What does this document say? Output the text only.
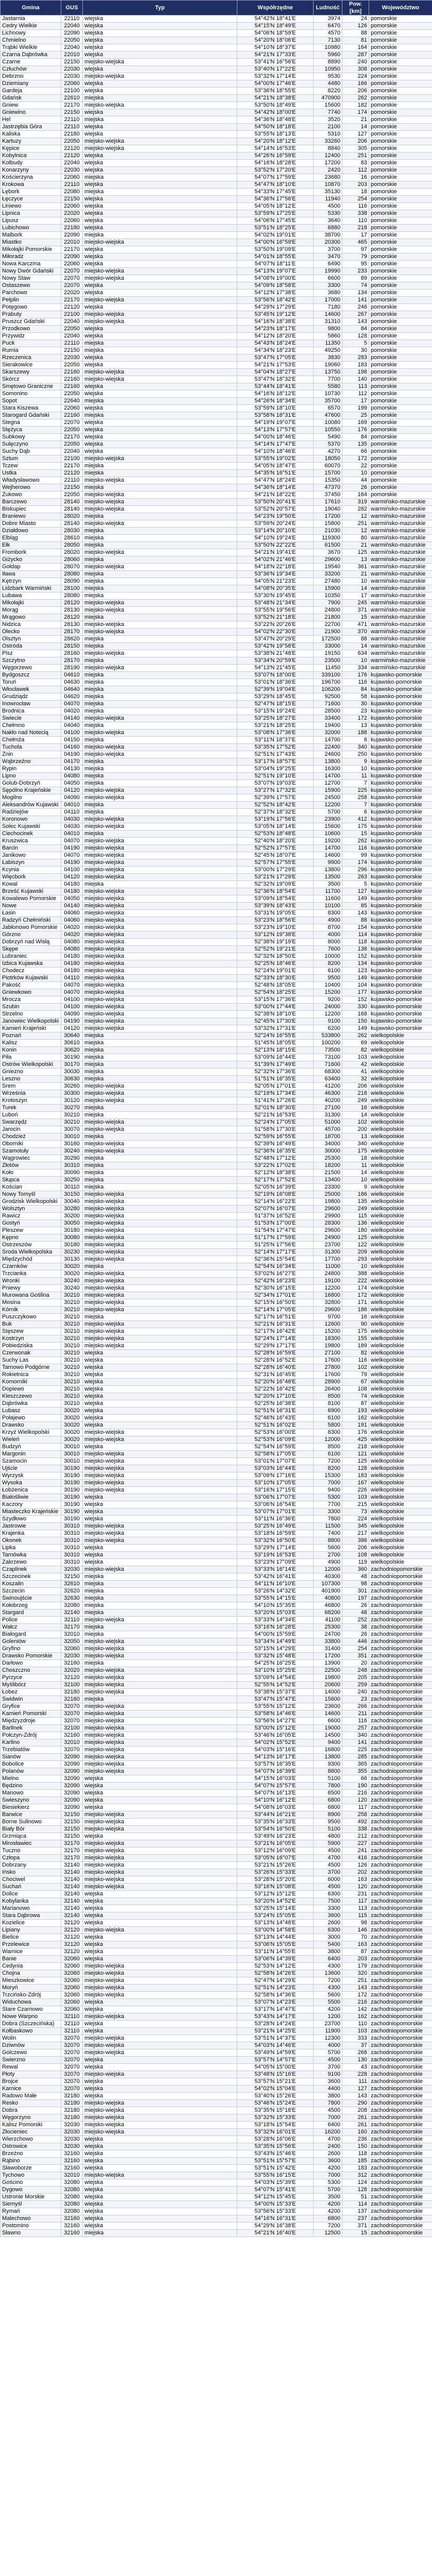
Gmina	GUS	Typ	Współrzędne	Ludność	Pow. [km]	Województwo
Jastarnia	22110	wiejska	54°42′N 18°41′E	3974	24	pomorskie
Cedry Wielkie	22040	wiejska	54°15′N 18°49′E	6470	126	pomorskie
Lichnowy	22090	wiejska	54°06′N 18°59′E	4570	88	pomorskie
Chmielno	22050	wiejska	54°20′N 18°06′E	7130	81	pomorskie
Trąbki Wielkie	22040	wiejska	54°10′N 18°37′E	10980	164	pomorskie
Czarna Dąbrówka	22010	wiejska	54°21′N 17°33′E	5960	287	pomorskie
Czarne	22150	miejsko-wiejska	53°41′N 16°56′E	8890	240	pomorskie
Człuchów	22030	wiejska	53°40′N 17°22′E	10950	308	pomorskie
Debrzno	22030	miejsko-wiejska	53°32′N 17°14′E	9530	224	pomorskie
Dziemiany	22060	wiejska	54°00′N 17°46′E	4480	166	pomorskie
Gardeja	22100	wiejska	53°36′N 18°55′E	8220	206	pomorskie
Gdańsk	22610	miejska	54°21′N 18°38′E	470900	262	pomorskie
Gniew	22170	miejsko-wiejska	53°50′N 18°49′E	15600	182	pomorskie
Gniewino	22150	wiejska	54°42′N 18°00′E	7740	174	pomorskie
Hel	22110	miejska	54°36′N 18°48′E	3520	21	pomorskie
Jastrzębia Góra	22110	wiejska	54°50′N 18°18′E	2100	14	pomorskie
Kaliska	22180	wiejska	53°55′N 18°13′E	5310	127	pomorskie
Kartuzy	22050	miejsko-wiejska	54°20′N 18°12′E	33260	206	pomorskie
Kępice	22120	miejsko-wiejska	54°14′N 16°53′E	8840	305	pomorskie
Kobylnica	22120	wiejska	54°26′N 16°59′E	12400	251	pomorskie
Kolbudy	22040	wiejska	54°16′N 18°28′E	17200	83	pomorskie
Konarzyny	22030	wiejska	53°52′N 17°20′E	2420	112	pomorskie
Kościerzyna	22060	miejska	54°07′N 17°59′E	23680	16	pomorskie
Krokowa	22110	wiejska	54°47′N 18°10′E	10870	203	pomorskie
Lębork	22080	miejska	54°33′N 17°45′E	35130	18	pomorskie
Łęczyce	22150	wiejska	54°36′N 17°56′E	11940	254	pomorskie
Liniewo	22060	wiejska	54°05′N 18°12′E	4500	116	pomorskie
Lipnica	22020	wiejska	53°59′N 17°25′E	5330	338	pomorskie
Lipusz	22060	wiejska	54°06′N 17°45′E	3640	110	pomorskie
Lubichowo	22180	wiejska	53°51′N 18°25′E	6880	218	pomorskie
Malbork	22090	miejska	54°02′N 19°01′E	38700	17	pomorskie
Miastko	22010	miejsko-wiejska	54°00′N 16°59′E	20300	465	pomorskie
Mikołajki Pomorskie	22170	wiejska	53°50′N 19°09′E	3700	97	pomorskie
Miłoradz	22090	wiejska	54°01′N 18°55′E	3470	79	pomorskie
Nowa Karczma	22060	wiejska	54°07′N 18°11′E	6490	95	pomorskie
Nowy Dwór Gdański	22070	miejsko-wiejska	54°13′N 19°07′E	19990	233	pomorskie
Nowy Staw	22070	miejsko-wiejska	54°08′N 19°00′E	6600	89	pomorskie
Ostaszewo	22070	wiejska	54°09′N 18°58′E	3300	74	pomorskie
Parchowo	22020	wiejska	54°12′N 17°38′E	3680	134	pomorskie
Pelplin	22170	miejsko-wiejska	53°56′N 18°42′E	17000	141	pomorskie
Potęgowo	22120	wiejska	54°29′N 17°29′E	7180	246	pomorskie
Prabuty	22100	miejsko-wiejska	53°45′N 19°12′E	14600	267	pomorskie
Pruszcz Gdański	22040	miejsko-wiejska	54°16′N 18°38′E	31310	143	pomorskie
Przodkowo	22050	wiejska	54°23′N 18°17′E	9800	84	pomorskie
Przywidz	22040	wiejska	54°12′N 18°20′E	5860	128	pomorskie
Puck	22110	miejska	54°43′N 18°24′E	11350	5	pomorskie
Rumia	22150	miejska	54°34′N 18°23′E	49250	30	pomorskie
Rzeczenica	22030	wiejska	53°47′N 17°05′E	3830	283	pomorskie
Sierakowice	22050	wiejska	54°21′N 17°53′E	19060	183	pomorskie
Skarszewy	22160	miejsko-wiejska	54°04′N 18°27′E	13750	198	pomorskie
Skórcz	22160	miejsko-wiejska	53°47′N 18°32′E	7700	140	pomorskie
Smętowo Graniczne	22160	wiejska	53°44′N 18°41′E	5580	113	pomorskie
Somonino	22050	wiejska	54°16′N 18°12′E	10730	112	pomorskie
Sopot	22640	miejska	54°26′N 18°34′E	35700	17	pomorskie
Stara Kiszewa	22060	wiejska	53°59′N 18°10′E	6570	199	pomorskie
Starogard Gdański	22160	miejska	53°58′N 18°31′E	47600	25	pomorskie
Stegna	22070	wiejska	54°19′N 19°07′E	10080	169	pomorskie
Stężyca	22050	wiejska	54°13′N 17°57′E	10550	176	pomorskie
Subkowy	22170	wiejska	54°00′N 18°46′E	5490	84	pomorskie
Sulęczyno	22050	wiejska	54°14′N 17°47′E	5370	135	pomorskie
Suchy Dąb	22040	wiejska	54°10′N 18°46′E	4270	66	pomorskie
Sztum	22100	miejsko-wiejska	53°55′N 19°02′E	18050	172	pomorskie
Tczew	22170	miejska	54°05′N 18°47′E	60070	22	pomorskie
Ustka	22120	miejska	54°35′N 16°51′E	15700	10	pomorskie
Władysławowo	22110	miejsko-wiejska	54°47′N 18°24′E	15350	44	pomorskie
Wejherowo	22150	miejska	54°36′N 18°14′E	47370	26	pomorskie
Żukowo	22050	miejsko-wiejska	54°21′N 18°22′E	37450	164	pomorskie
Barczewo	28140	miejsko-wiejska	53°50′N 20°41′E	17610	319	warmińsko-mazurskie
Biskupiec	28140	miejsko-wiejska	53°52′N 20°57′E	19040	282	warmińsko-mazurskie
Braniewo	28020	miejska	54°23′N 19°50′E	17200	12	warmińsko-mazurskie
Dobre Miasto	28140	miejsko-wiejska	53°59′N 20°24′E	15800	251	warmińsko-mazurskie
Działdowo	28030	miejska	53°14′N 20°10′E	21030	12	warmińsko-mazurskie
Elbląg	28610	miejska	54°10′N 19°24′E	119300	80	warmińsko-mazurskie
Ełk	28050	miejska	53°50′N 22°22′E	61500	21	warmińsko-mazurskie
Frombork	28020	miejsko-wiejska	54°21′N 19°41′E	3670	125	warmińsko-mazurskie
Giżycko	28060	miejska	54°02′N 21°46′E	29600	13	warmińsko-mazurskie
Gołdap	28070	miejsko-wiejska	54°18′N 22°18′E	19540	361	warmińsko-mazurskie
Iława	28080	miejska	53°36′N 19°34′E	33200	21	warmińsko-mazurskie
Kętrzyn	28090	miejska	54°05′N 21°23′E	27480	10	warmińsko-mazurskie
Lidzbark Warmiński	28100	miejska	54°08′N 20°35′E	15900	14	warmińsko-mazurskie
Lubawa	28080	miejska	53°30′N 19°45′E	10350	17	warmińsko-mazurskie
Mikołajki	28120	miejsko-wiejska	53°48′N 21°34′E	7900	245	warmińsko-mazurskie
Morąg	28130	miejsko-wiejska	53°55′N 19°56′E	24800	371	warmińsko-mazurskie
Mrągowo	28120	miejska	53°52′N 21°18′E	21800	15	warmińsko-mazurskie
Nidzica	28130	miejsko-wiejska	53°22′N 20°26′E	22700	471	warmińsko-mazurskie
Olecko	28170	miejsko-wiejska	54°02′N 22°30′E	21900	370	warmińsko-mazurskie
Olsztyn	28620	miejska	53°47′N 20°29′E	172500	88	warmińsko-mazurskie
Ostróda	28150	miejska	53°42′N 19°58′E	33000	14	warmińsko-mazurskie
Pisz	28160	miejsko-wiejska	53°38′N 21°48′E	19150	634	warmińsko-mazurskie
Szczytno	28170	miejska	53°34′N 20°59′E	23500	10	warmińsko-mazurskie
Węgorzewo	28190	miejsko-wiejska	54°13′N 21°45′E	11450	334	warmińsko-mazurskie
Bydgoszcz	04610	miejska	53°07′N 18°00′E	339100	176	kujawsko-pomorskie
Toruń	04630	miejska	53°01′N 18°36′E	196700	116	kujawsko-pomorskie
Włocławek	04640	miejska	52°39′N 19°04′E	106200	84	kujawsko-pomorskie
Grudziądz	04620	miejska	53°29′N 18°45′E	92500	58	kujawsko-pomorskie
Inowrocław	04070	miejska	52°47′N 18°15′E	71600	30	kujawsko-pomorskie
Brodnica	04020	miejska	53°15′N 19°24′E	28500	23	kujawsko-pomorskie
Świecie	04140	miejsko-wiejska	53°25′N 18°27′E	33400	172	kujawsko-pomorskie
Chełmno	04040	miejska	53°21′N 18°25′E	19400	13	kujawsko-pomorskie
Nakło nad Notecią	04100	miejsko-wiejska	53°08′N 17°36′E	32000	188	kujawsko-pomorskie
Chełmża	04150	miejska	53°11′N 18°37′E	14700	8	kujawsko-pomorskie
Tuchola	04160	miejsko-wiejska	53°35′N 17°52′E	22400	340	kujawsko-pomorskie
Żnin	04190	miejsko-wiejska	52°51′N 17°43′E	24600	250	kujawsko-pomorskie
Wąbrzeźno	04170	miejska	53°17′N 18°57′E	13800	9	kujawsko-pomorskie
Rypin	04130	miejska	53°04′N 19°25′E	16300	10	kujawsko-pomorskie
Lipno	04080	miejska	52°51′N 19°10′E	14700	11	kujawsko-pomorskie
Golub-Dobrzyń	04050	miejska	53°07′N 19°03′E	12700	7	kujawsko-pomorskie
Sępólno Krajeńskie	04120	miejsko-wiejska	53°27′N 17°32′E	15900	225	kujawsko-pomorskie
Mogilno	04090	miejsko-wiejska	52°39′N 17°57′E	24500	258	kujawsko-pomorskie
Aleksandrów Kujawski	04010	miejska	52°52′N 18°42′E	12200	7	kujawsko-pomorskie
Radziejów	04110	miejska	52°37′N 18°32′E	5700	6	kujawsko-pomorskie
Koronowo	04030	miejsko-wiejska	53°19′N 17°56′E	23900	412	kujawsko-pomorskie
Solec Kujawski	04030	miejsko-wiejska	53°05′N 18°14′E	15600	175	kujawsko-pomorskie
Ciechocinek	04010	miejska	52°53′N 18°48′E	10600	15	kujawsko-pomorskie
Kruszwica	04070	miejsko-wiejska	52°40′N 18°20′E	19200	262	kujawsko-pomorskie
Barcin	04190	miejsko-wiejska	52°52′N 17°57′E	14700	116	kujawsko-pomorskie
Janikowo	04070	miejsko-wiejska	52°45′N 18°07′E	14600	99	kujawsko-pomorskie
Łabiszyn	04190	miejsko-wiejska	52°57′N 17°55′E	9900	174	kujawsko-pomorskie
Kcynia	04100	miejsko-wiejska	53°00′N 17°29′E	13800	296	kujawsko-pomorskie
Więcbork	04120	miejsko-wiejska	53°21′N 17°29′E	13500	263	kujawsko-pomorskie
Kowal	04180	miejska	52°32′N 19°09′E	3500	5	kujawsko-pomorskie
Brześć Kujawski	04180	miejsko-wiejska	52°36′N 18°54′E	11700	127	kujawsko-pomorskie
Kowalewo Pomorskie	04050	miejsko-wiejska	53°09′N 18°54′E	11600	149	kujawsko-pomorskie
Nowe	04140	miejsko-wiejska	53°39′N 18°43′E	10100	85	kujawsko-pomorskie
Łasin	04060	miejsko-wiejska	53°31′N 19°05′E	8300	143	kujawsko-pomorskie
Radzyń Chełmiński	04060	miejsko-wiejska	53°23′N 18°56′E	4900	88	kujawsko-pomorskie
Jabłonowo Pomorskie	04020	miejsko-wiejska	53°23′N 19°10′E	8700	154	kujawsko-pomorskie
Górzno	04020	miejsko-wiejska	53°12′N 19°38′E	4000	114	kujawsko-pomorskie
Dobrzyń nad Wisłą	04080	miejsko-wiejska	52°38′N 19°19′E	8000	118	kujawsko-pomorskie
Skępe	04080	miejsko-wiejska	52°52′N 19°21′E	7600	138	kujawsko-pomorskie
Lubraniec	04180	miejsko-wiejska	52°32′N 18°50′E	10000	152	kujawsko-pomorskie
Izbica Kujawska	04180	miejsko-wiejska	52°25′N 18°46′E	8200	134	kujawsko-pomorskie
Chodecz	04180	miejsko-wiejska	52°24′N 19°01′E	6100	123	kujawsko-pomorskie
Piotrków Kujawski	04110	miejsko-wiejska	52°33′N 18°30′E	9500	149	kujawsko-pomorskie
Pakość	04070	miejsko-wiejska	52°48′N 18°05′E	10400	104	kujawsko-pomorskie
Gniewkowo	04070	miejsko-wiejska	52°54′N 18°25′E	15200	177	kujawsko-pomorskie
Mrocza	04100	miejsko-wiejska	53°15′N 17°36′E	9200	152	kujawsko-pomorskie
Szubin	04100	miejsko-wiejska	53°00′N 17°44′E	24000	330	kujawsko-pomorskie
Strzelno	04090	miejsko-wiejska	52°38′N 18°10′E	12200	168	kujawsko-pomorskie
Janowiec Wielkopolski	04190	miejsko-wiejska	52°45′N 17°30′E	9100	150	kujawsko-pomorskie
Kamień Krajeński	04120	miejsko-wiejska	53°32′N 17°31′E	6200	149	kujawsko-pomorskie
Poznań	30640	miejska	52°24′N 16°55′E	533800	262	wielkopolskie
Kalisz	30610	miejska	51°45′N 18°05′E	100200	69	wielkopolskie
Konin	30620	miejska	52°13′N 18°15′E	73500	82	wielkopolskie
Piła	30190	miejska	53°09′N 16°44′E	73100	103	wielkopolskie
Ostrów Wielkopolski	30170	miejska	51°39′N 17°49′E	71600	42	wielkopolskie
Gniezno	30030	miejska	52°32′N 17°36′E	68300	41	wielkopolskie
Leszno	30630	miejska	51°51′N 16°35′E	63400	32	wielkopolskie
Śrem	30260	miejsko-wiejska	52°05′N 17°01′E	41200	206	wielkopolskie
Września	30300	miejsko-wiejska	52°19′N 17°34′E	46300	218	wielkopolskie
Krotoszyn	30120	miejsko-wiejska	51°41′N 17°26′E	40200	249	wielkopolskie
Turek	30270	miejska	52°01′N 18°30′E	27100	16	wielkopolskie
Luboń	30210	miejska	52°21′N 16°53′E	31300	14	wielkopolskie
Swarzędz	30210	miejsko-wiejska	52°24′N 17°05′E	51000	102	wielkopolskie
Jarocin	30070	miejsko-wiejska	51°58′N 17°30′E	45700	200	wielkopolskie
Chodzież	30010	miejska	52°59′N 16°55′E	18700	13	wielkopolskie
Oborniki	30160	miejsko-wiejska	52°39′N 16°49′E	34000	340	wielkopolskie
Szamotuły	30240	miejsko-wiejska	52°36′N 16°35′E	30000	175	wielkopolskie
Wągrowiec	30290	miejska	52°48′N 17°12′E	25300	18	wielkopolskie
Złotów	30310	miejska	53°22′N 17°02′E	18200	11	wielkopolskie
Koło	30090	miejska	52°12′N 18°38′E	21500	14	wielkopolskie
Słupca	30250	miejska	52°17′N 17°52′E	13400	10	wielkopolskie
Kościan	30110	miejska	52°05′N 16°39′E	23300	9	wielkopolskie
Nowy Tomyśl	30150	miejsko-wiejska	52°19′N 16°08′E	25000	186	wielkopolskie
Grodzisk Wielkopolski	30040	miejsko-wiejska	52°14′N 16°22′E	19800	135	wielkopolskie
Wolsztyn	30280	miejsko-wiejska	52°07′N 16°07′E	29600	249	wielkopolskie
Rawicz	30200	miejsko-wiejska	51°37′N 16°52′E	29900	115	wielkopolskie
Gostyń	30050	miejsko-wiejska	51°53′N 17°00′E	28300	136	wielkopolskie
Pleszew	30180	miejsko-wiejska	51°54′N 17°47′E	29600	180	wielkopolskie
Kępno	30080	miejsko-wiejska	51°17′N 17°59′E	24900	125	wielkopolskie
Ostrzeszów	30180	miejsko-wiejska	51°25′N 17°56′E	23700	122	wielkopolskie
Środa Wielkopolska	30230	miejsko-wiejska	52°14′N 17°17′E	31300	209	wielkopolskie
Międzychód	30130	miejsko-wiejska	52°36′N 15°54′E	17700	293	wielkopolskie
Czarnków	30020	miejska	52°54′N 16°34′E	11000	10	wielkopolskie
Trzcianka	30020	miejsko-wiejska	53°02′N 16°27′E	24800	388	wielkopolskie
Wronki	30240	miejsko-wiejska	52°42′N 16°23′E	19100	222	wielkopolskie
Pniewy	30240	miejsko-wiejska	52°30′N 16°15′E	12200	174	wielkopolskie
Murowana Goślina	30210	miejsko-wiejska	52°34′N 17°01′E	16800	172	wielkopolskie
Mosina	30210	miejsko-wiejska	52°15′N 16°50′E	32800	171	wielkopolskie
Kórnik	30210	miejsko-wiejska	52°14′N 17°05′E	29600	186	wielkopolskie
Puszczykowo	30210	miejska	52°17′N 16°51′E	9700	16	wielkopolskie
Buk	30210	miejsko-wiejska	52°21′N 16°31′E	12600	90	wielkopolskie
Stęszew	30210	miejsko-wiejska	52°17′N 16°42′E	15200	175	wielkopolskie
Kostrzyn	30210	miejsko-wiejska	52°24′N 17°14′E	18300	155	wielkopolskie
Pobiedziska	30210	miejsko-wiejska	52°29′N 17°17′E	19800	189	wielkopolskie
Czerwonak	30210	wiejska	52°28′N 16°59′E	27100	82	wielkopolskie
Suchy Las	30210	wiejska	52°28′N 16°52′E	17600	116	wielkopolskie
Tarnowo Podgórne	30210	wiejska	52°28′N 16°40′E	27800	102	wielkopolskie
Rokietnica	30210	wiejska	52°31′N 16°45′E	17600	79	wielkopolskie
Komorniki	30210	wiejska	52°20′N 16°48′E	28900	67	wielkopolskie
Dopiewo	30210	wiejska	52°22′N 16°42′E	26400	108	wielkopolskie
Kleszczewo	30210	wiejska	52°20′N 17°10′E	8500	74	wielkopolskie
Dąbrówka	30210	wiejska	52°25′N 16°38′E	8100	87	wielkopolskie
Lubasz	30020	wiejska	52°51′N 16°31′E	6900	193	wielkopolskie
Połajewo	30020	wiejska	52°46′N 16°43′E	6100	162	wielkopolskie
Drawsko	30020	wiejska	52°51′N 16°02′E	5800	191	wielkopolskie
Krzyż Wielkopolski	30020	miejsko-wiejska	52°53′N 16°00′E	8300	176	wielkopolskie
Wieleń	30020	miejsko-wiejska	52°53′N 16°09′E	12000	425	wielkopolskie
Budzyń	30010	wiejska	52°54′N 16°59′E	8500	218	wielkopolskie
Margonin	30010	miejsko-wiejska	52°58′N 17°05′E	6100	121	wielkopolskie
Szamocin	30010	miejsko-wiejska	53°01′N 17°07′E	7200	125	wielkopolskie
Ujście	30190	miejsko-wiejska	53°03′N 16°44′E	8200	128	wielkopolskie
Wyrzysk	30190	miejsko-wiejska	53°09′N 17°16′E	15300	183	wielkopolskie
Wysoka	30190	miejsko-wiejska	53°10′N 17°05′E	7000	167	wielkopolskie
Łobżenica	30190	miejsko-wiejska	53°16′N 17°15′E	9400	226	wielkopolskie
Białośliwie	30190	wiejska	53°06′N 17°07′E	5300	103	wielkopolskie
Kaczory	30190	wiejska	53°06′N 16°54′E	7700	215	wielkopolskie
Miasteczko Krajeńskie	30190	wiejska	53°07′N 17°01′E	3300	73	wielkopolskie
Szydłowo	30190	wiejska	53°11′N 16°36′E	7800	224	wielkopolskie
Jastrowie	30310	miejsko-wiejska	53°25′N 16°49′E	11500	345	wielkopolskie
Krajenka	30310	miejsko-wiejska	53°18′N 16°59′E	7400	217	wielkopolskie
Okonek	30310	miejsko-wiejska	53°32′N 16°50′E	8800	386	wielkopolskie
Lipka	30310	wiejska	53°29′N 17°14′E	5600	206	wielkopolskie
Tarnówka	30310	wiejska	53°19′N 16°53′E	2700	108	wielkopolskie
Zakrzewo	30310	wiejska	53°23′N 17°09′E	4900	119	wielkopolskie
Czaplinek	32030	miejsko-wiejska	53°33′N 16°14′E	12000	360	zachodniopomorskie
Szczecinek	32150	miejska	53°42′N 16°41′E	40300	48	zachodniopomorskie
Koszalin	32610	miejska	54°11′N 16°10′E	107300	98	zachodniopomorskie
Szczecin	32620	miejska	53°26′N 14°32′E	401900	301	zachodniopomorskie
Świnoujście	32630	miejska	53°55′N 14°15′E	40800	197	zachodniopomorskie
Kołobrzeg	32080	miejska	54°10′N 15°35′E	46800	26	zachodniopomorskie
Stargard	32140	miejska	53°20′N 15°03′E	68200	48	zachodniopomorskie
Police	32110	miejsko-wiejska	53°33′N 14°34′E	41100	252	zachodniopomorskie
Wałcz	32170	miejska	53°16′N 16°28′E	25300	38	zachodniopomorskie
Białogard	32010	miejska	54°00′N 15°59′E	24700	26	zachodniopomorskie
Goleniów	32050	miejsko-wiejska	53°34′N 14°49′E	33800	446	zachodniopomorskie
Gryfino	32060	miejsko-wiejska	53°15′N 14°29′E	31400	254	zachodniopomorskie
Drawsko Pomorskie	32030	miejsko-wiejska	53°32′N 15°48′E	17200	351	zachodniopomorskie
Darłowo	32160	miejska	54°25′N 16°25′E	13900	20	zachodniopomorskie
Choszczno	32020	miejsko-wiejska	53°10′N 15°25′E	22500	248	zachodniopomorskie
Pyrzyce	32120	miejsko-wiejska	53°09′N 14°54′E	19800	205	zachodniopomorskie
Myślibórz	32100	miejsko-wiejska	52°55′N 14°52′E	20600	259	zachodniopomorskie
Łobez	32180	miejsko-wiejska	53°38′N 15°37′E	14000	240	zachodniopomorskie
Świdwin	32160	miejska	53°47′N 15°47′E	15600	23	zachodniopomorskie
Gryfice	32070	miejsko-wiejska	53°55′N 15°12′E	23600	266	zachodniopomorskie
Kamień Pomorski	32070	miejsko-wiejska	53°58′N 14°46′E	14600	211	zachodniopomorskie
Międzyzdroje	32070	miejsko-wiejska	53°56′N 14°27′E	6600	116	zachodniopomorskie
Barlinek	32100	miejsko-wiejska	53°00′N 15°12′E	19000	257	zachodniopomorskie
Połczyn-Zdrój	32160	miejsko-wiejska	53°46′N 16°05′E	14500	340	zachodniopomorskie
Karlino	32010	miejsko-wiejska	54°02′N 15°52′E	9400	141	zachodniopomorskie
Trzebiatów	32070	miejsko-wiejska	54°03′N 15°16′E	16800	225	zachodniopomorskie
Sianów	32090	miejsko-wiejska	54°13′N 16°17′E	13800	285	zachodniopomorskie
Bobolice	32090	miejsko-wiejska	53°57′N 16°35′E	9300	365	zachodniopomorskie
Polanów	32090	miejsko-wiejska	54°07′N 16°39′E	8800	355	zachodniopomorskie
Mielno	32090	wiejska	54°15′N 16°03′E	5100	66	zachodniopomorskie
Będzino	32090	wiejska	54°07′N 15°57′E	7800	190	zachodniopomorskie
Manowo	32090	wiejska	54°07′N 16°13′E	6500	216	zachodniopomorskie
Świeszyno	32090	wiejska	54°10′N 16°12′E	6800	120	zachodniopomorskie
Biesiekierz	32090	wiejska	54°08′N 16°03′E	6800	117	zachodniopomorskie
Barwice	32150	miejsko-wiejska	53°44′N 16°21′E	8900	258	zachodniopomorskie
Borne Sulinowo	32150	miejsko-wiejska	53°35′N 16°33′E	9500	492	zachodniopomorskie
Biały Bór	32150	miejsko-wiejska	53°54′N 16°50′E	5100	338	zachodniopomorskie
Grzmiąca	32150	wiejska	53°49′N 16°23′E	4800	212	zachodniopomorskie
Mirosławiec	32170	miejsko-wiejska	53°21′N 16°05′E	5900	227	zachodniopomorskie
Tuczno	32170	miejsko-wiejska	53°12′N 16°09′E	4500	241	zachodniopomorskie
Człopa	32170	miejsko-wiejska	53°05′N 16°07′E	4700	416	zachodniopomorskie
Dobrzany	32140	miejsko-wiejska	53°21′N 15°26′E	4500	126	zachodniopomorskie
Ińsko	32140	miejsko-wiejska	53°26′N 15°33′E	3700	202	zachodniopomorskie
Chociwel	32140	miejsko-wiejska	53°28′N 15°20′E	6000	163	zachodniopomorskie
Suchań	32140	miejsko-wiejska	53°16′N 15°08′E	4500	120	zachodniopomorskie
Dolice	32140	wiejska	53°12′N 15°12′E	6300	231	zachodniopomorskie
Kobylanka	32140	wiejska	53°20′N 14°52′E	7500	117	zachodniopomorskie
Marianowo	32140	wiejska	53°25′N 15°14′E	3300	113	zachodniopomorskie
Stara Dąbrowa	32140	wiejska	53°24′N 15°05′E	3600	115	zachodniopomorskie
Kozielice	32120	wiejska	53°13′N 14°48′E	2600	98	zachodniopomorskie
Lipiany	32120	miejsko-wiejska	53°00′N 14°58′E	6300	146	zachodniopomorskie
Bielice	32120	wiejska	53°13′N 14°44′E	3000	70	zachodniopomorskie
Przelewice	32120	wiejska	53°06′N 15°05′E	5400	163	zachodniopomorskie
Warnice	32120	wiejska	53°11′N 14°55′E	3800	87	zachodniopomorskie
Banie	32060	wiejska	53°06′N 14°39′E	6400	203	zachodniopomorskie
Cedynia	32060	miejsko-wiejska	52°53′N 14°12′E	4300	179	zachodniopomorskie
Chojna	32060	miejsko-wiejska	52°58′N 14°26′E	13600	320	zachodniopomorskie
Mieszkowice	32060	miejsko-wiejska	52°47′N 14°29′E	7200	251	zachodniopomorskie
Moryń	32060	miejsko-wiejska	52°51′N 14°23′E	4300	143	zachodniopomorskie
Trzcińsko-Zdrój	32060	miejsko-wiejska	52°58′N 14°36′E	5600	172	zachodniopomorskie
Widuchowa	32060	wiejska	53°07′N 14°23′E	5500	216	zachodniopomorskie
Stare Czarnowo	32060	wiejska	53°17′N 14°47′E	4200	142	zachodniopomorskie
Nowe Warpno	32110	miejsko-wiejska	53°43′N 14°17′E	1200	162	zachodniopomorskie
Dobra (Szczecińska)	32110	wiejska	53°28′N 14°24′E	23700	110	zachodniopomorskie
Kołbaskowo	32110	wiejska	53°21′N 14°25′E	11900	103	zachodniopomorskie
Wolin	32070	miejsko-wiejska	53°51′N 14°37′E	12300	333	zachodniopomorskie
Dziwnów	32070	miejsko-wiejska	54°03′N 14°46′E	4000	37	zachodniopomorskie
Golczewo	32070	miejsko-wiejska	53°49′N 14°59′E	5700	268	zachodniopomorskie
Świerzno	32070	wiejska	53°57′N 14°57′E	4500	130	zachodniopomorskie
Rewal	32070	wiejska	54°05′N 15°00′E	3700	43	zachodniopomorskie
Płoty	32070	miejsko-wiejska	53°48′N 15°16′E	9100	228	zachodniopomorskie
Brojce	32070	wiejska	53°57′N 15°21′E	3600	111	zachodniopomorskie
Karnice	32070	wiejska	54°02′N 15°04′E	4400	127	zachodniopomorskie
Radowo Małe	32180	wiejska	53°40′N 15°26′E	3800	143	zachodniopomorskie
Resko	32180	miejsko-wiejska	53°46′N 15°24′E	7800	290	zachodniopomorskie
Dobra	32180	miejsko-wiejska	53°35′N 15°18′E	4500	208	zachodniopomorskie
Węgorzyno	32180	miejsko-wiejska	53°32′N 15°33′E	7000	261	zachodniopomorskie
Kalisz Pomorski	32030	miejsko-wiejska	53°18′N 15°54′E	6400	261	zachodniopomorskie
Złocieniec	32030	miejsko-wiejska	53°32′N 16°01′E	16200	160	zachodniopomorskie
Wierzchowo	32030	wiejska	53°28′N 16°06′E	4700	236	zachodniopomorskie
Ostrowice	32030	wiejska	53°35′N 15°56′E	2400	150	zachodniopomorskie
Brzeżno	32160	wiejska	53°43′N 15°46′E	2600	118	zachodniopomorskie
Rąbino	32160	wiejska	53°51′N 15°57′E	3600	185	zachodniopomorskie
Sławoborze	32160	wiejska	53°51′N 15°42′E	4200	183	zachodniopomorskie
Tychowo	32010	miejsko-wiejska	53°55′N 16°15′E	7000	312	zachodniopomorskie
Gościno	32080	wiejska	54°03′N 15°39′E	5300	124	zachodniopomorskie
Dygowo	32080	wiejska	54°07′N 15°41′E	5700	128	zachodniopomorskie
Ustronie Morskie	32080	wiejska	54°12′N 15°45′E	3500	51	zachodniopomorskie
Siemyśl	32080	wiejska	54°00′N 15°33′E	4200	114	zachodniopomorskie
Rymań	32080	wiejska	53°56′N 15°33′E	4200	137	zachodniopomorskie
Malechowo	32160	wiejska	54°16′N 16°31′E	6800	237	zachodniopomorskie
Postomino	32160	wiejska	54°29′N 16°38′E	7200	371	zachodniopomorskie
Sławno	32160	miejska	54°21′N 16°40′E	12500	15	zachodniopomorskie
